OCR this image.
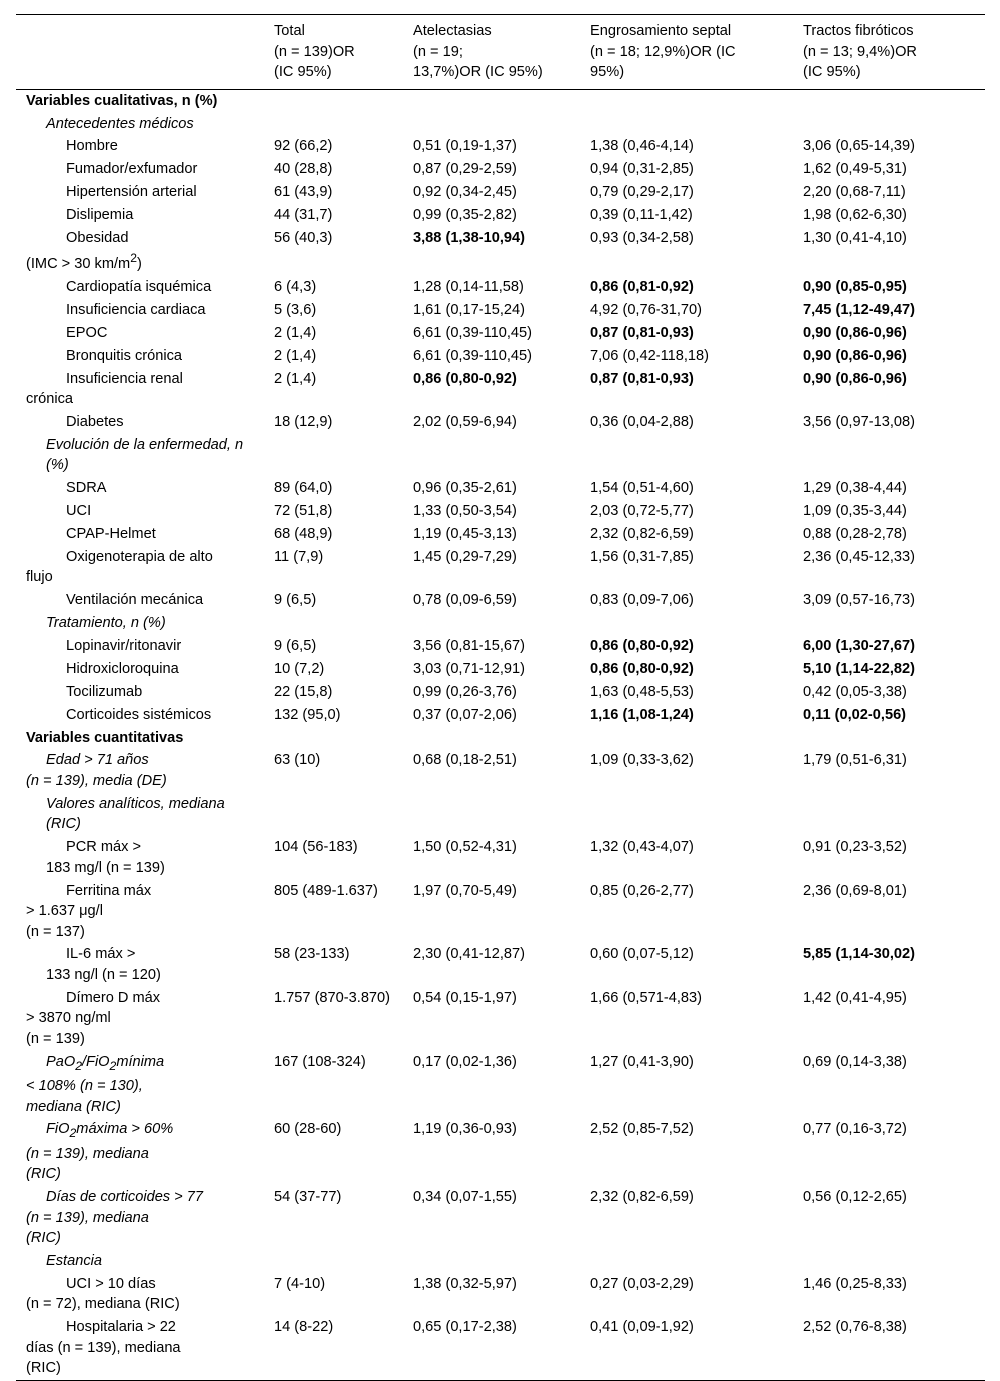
	Total
(n = 139)OR
(IC 95%)	Atelectasias
(n = 19;
13,7%)OR (IC 95%)	Engrosamiento septal
(n = 18; 12,9%)OR (IC
95%)	Tractos fibróticos
(n = 13; 9,4%)OR
(IC 95%)

Variables cualitativas, n (%)				
Antecedentes médicos				
Hombre	92 (66,2)	0,51 (0,19-1,37)	1,38 (0,46-4,14)	3,06 (0,65-14,39)
Fumador/exfumador	40 (28,8)	0,87 (0,29-2,59)	0,94 (0,31-2,85)	1,62 (0,49-5,31)
Hipertensión arterial	61 (43,9)	0,92 (0,34-2,45)	0,79 (0,29-2,17)	2,20 (0,68-7,11)
Dislipemia	44 (31,7)	0,99 (0,35-2,82)	0,39 (0,11-1,42)	1,98 (0,62-6,30)
Obesidad
(IMC > 30 $km/m^2$)	56 (40,3)	3,88 (1,38-10,94)	0,93 (0,34-2,58)	1,30 (0,41-4,10)
Cardiopatía isquémica	6 (4,3)	1,28 (0,14-11,58)	0,86 (0,81-0,92)	0,90 (0,85-0,95)
Insuficiencia cardiaca	5 (3,6)	1,61 (0,17-15,24)	4,92 (0,76-31,70)	7,45 (1,12-49,47)
EPOC	2 (1,4)	6,61 (0,39-110,45)	0,87 (0,81-0,93)	0,90 (0,86-0,96)
Bronquitis crónica	2 (1,4)	6,61 (0,39-110,45)	7,06 (0,42-118,18)	0,90 (0,86-0,96)
Insuficiencia renal
crónica	2 (1,4)	0,86 (0,80-0,92)	0,87 (0,81-0,93)	0,90 (0,86-0,96)
Diabetes	18 (12,9)	2,02 (0,59-6,94)	0,36 (0,04-2,88)	3,56 (0,97-13,08)
Evolución de la enfermedad, n (%)				
SDRA	89 (64,0)	0,96 (0,35-2,61)	1,54 (0,51-4,60)	1,29 (0,38-4,44)
UCI	72 (51,8)	1,33 (0,50-3,54)	2,03 (0,72-5,77)	1,09 (0,35-3,44)
CPAP-Helmet	68 (48,9)	1,19 (0,45-3,13)	2,32 (0,82-6,59)	0,88 (0,28-2,78)
Oxigenoterapia de alto
flujo	11 (7,9)	1,45 (0,29-7,29)	1,56 (0,31-7,85)	2,36 (0,45-12,33)
Ventilación mecánica	9 (6,5)	0,78 (0,09-6,59)	0,83 (0,09-7,06)	3,09 (0,57-16,73)
Tratamiento, n (%)				
Lopinavir/ritonavir	9 (6,5)	3,56 (0,81-15,67)	0,86 (0,80-0,92)	6,00 (1,30-27,67)
Hidroxicloroquina	10 (7,2)	3,03 (0,71-12,91)	0,86 (0,80-0,92)	5,10 (1,14-22,82)
Tocilizumab	22 (15,8)	0,99 (0,26-3,76)	1,63 (0,48-5,53)	0,42 (0,05-3,38)
Corticoides sistémicos	132 (95,0)	0,37 (0,07-2,06)	1,16 (1,08-1,24)	0,11 (0,02-0,56)
Variables cuantitativas				
Edad > 71 años
(n = 139), media (DE)	63 (10)	0,68 (0,18-2,51)	1,09 (0,33-3,62)	1,79 (0,51-6,31)
Valores analíticos, mediana (RIC)				
PCR máx >
183 mg/l (n = 139)	104 (56-183)	1,50 (0,52-4,31)	1,32 (0,43-4,07)	0,91 (0,23-3,52)
Ferritina máx
> 1.637 μg/l
(n = 137)	805 (489-1.637)	1,97 (0,70-5,49)	0,85 (0,26-2,77)	2,36 (0,69-8,01)
IL-6 máx >
133 ng/l (n = 120)	58 (23-133)	2,30 (0,41-12,87)	0,60 (0,07-5,12)	5,85 (1,14-30,02)
Dímero D máx
> 3870 ng/ml
(n = 139)	1.757 (870-3.870)	0,54 (0,15-1,97)	1,66 (0,571-4,83)	1,42 (0,41-4,95)
PaO$_2$/FiO$_2$mínima
< 108% (n = 130),
mediana (RIC)	167 (108-324)	0,17 (0,02-1,36)	1,27 (0,41-3,90)	0,69 (0,14-3,38)
FiO$_2$máxima > 60%
(n = 139), mediana
(RIC)	60 (28-60)	1,19 (0,36-0,93)	2,52 (0,85-7,52)	0,77 (0,16-3,72)
Días de corticoides > 77
(n = 139), mediana
(RIC)	54 (37-77)	0,34 (0,07-1,55)	2,32 (0,82-6,59)	0,56 (0,12-2,65)
Estancia				
UCI > 10 días
(n = 72), mediana (RIC)	7 (4-10)	1,38 (0,32-5,97)	0,27 (0,03-2,29)	1,46 (0,25-8,33)
Hospitalaria > 22
días (n = 139), mediana
(RIC)	14 (8-22)	0,65 (0,17-2,38)	0,41 (0,09-1,92)	2,52 (0,76-8,38)
